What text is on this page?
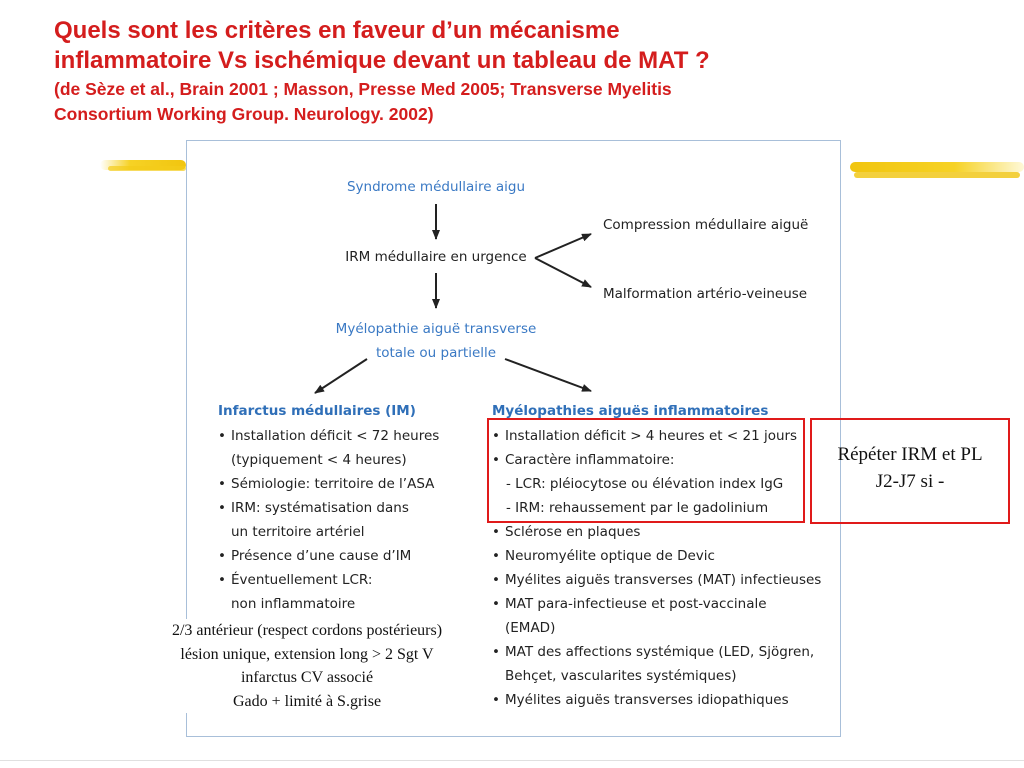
Quels sont les critères en faveur d’un mécanisme
inflammatoire Vs ischémique devant un tableau de MAT ?
(de Sèze et al., Brain 2001 ; Masson, Presse Med 2005; Transverse Myelitis
Consortium Working Group. Neurology. 2002)
Syndrome médullaire aigu
IRM médullaire en urgence
Compression médullaire aiguë
Malformation artério-veineuse
Myélopathie aiguë transverse
totale ou partielle
Infarctus médullaires (IM)	Myélopathies aiguës inflammatoires
• Installation déficit < 72 heures
(typiquement < 4 heures)
• Sémiologie: territoire de l’ASA
• IRM: systématisation dans
un territoire artériel
• Présence d’une cause d’IM
• Éventuellement LCR:
non inflammatoire
• Installation déficit > 4 heures et < 21 jours
• Caractère inflammatoire:
- LCR: pléiocytose ou élévation index IgG
- IRM: rehaussement par le gadolinium
• Sclérose en plaques
• Neuromyélite optique de Devic
• Myélites aiguës transverses (MAT) infectieuses
• MAT para-infectieuse et post-vaccinale
(EMAD)
• MAT des affections systémique (LED, Sjögren,
Behçet, vascularites systémiques)
• Myélites aiguës transverses idiopathiques
Répéter IRM et PL
J2-J7 si -
2/3 antérieur (respect cordons postérieurs)
lésion unique, extension long > 2 Sgt V
infarctus CV associé
Gado + limité à S.grise
